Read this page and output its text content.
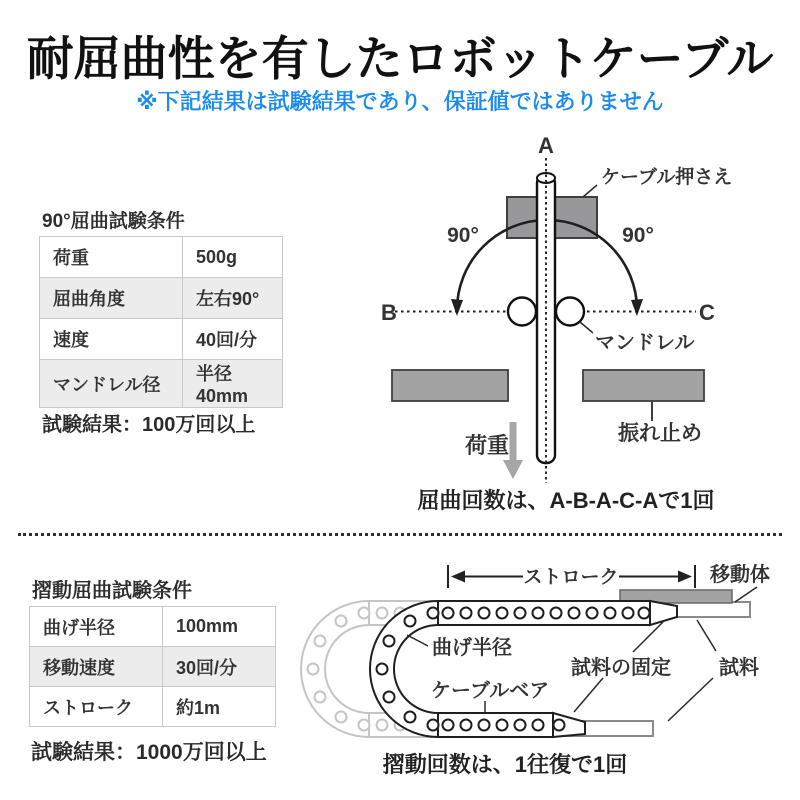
耐屈曲性を有したロボットケーブル
※下記結果は試験結果であり、保証値ではありません
90°屈曲試験条件
荷重	500g
屈曲角度	左右90°
速度	40回/分
マンドレル径	半径40mm
試験結果：100万回以上
ケーブル押さえ
90°	90°
マンドレル
A
B	C
振れ止め
荷重
屈曲回数は、A-B-A-C-Aで1回
摺動屈曲試験条件
曲げ半径	100mm
移動速度	30回/分
ストローク	約1m
試験結果：1000万回以上
ストローク	移動体
曲げ半径
ケーブルベア
試料の固定 試料
摺動回数は、1往復で1回
